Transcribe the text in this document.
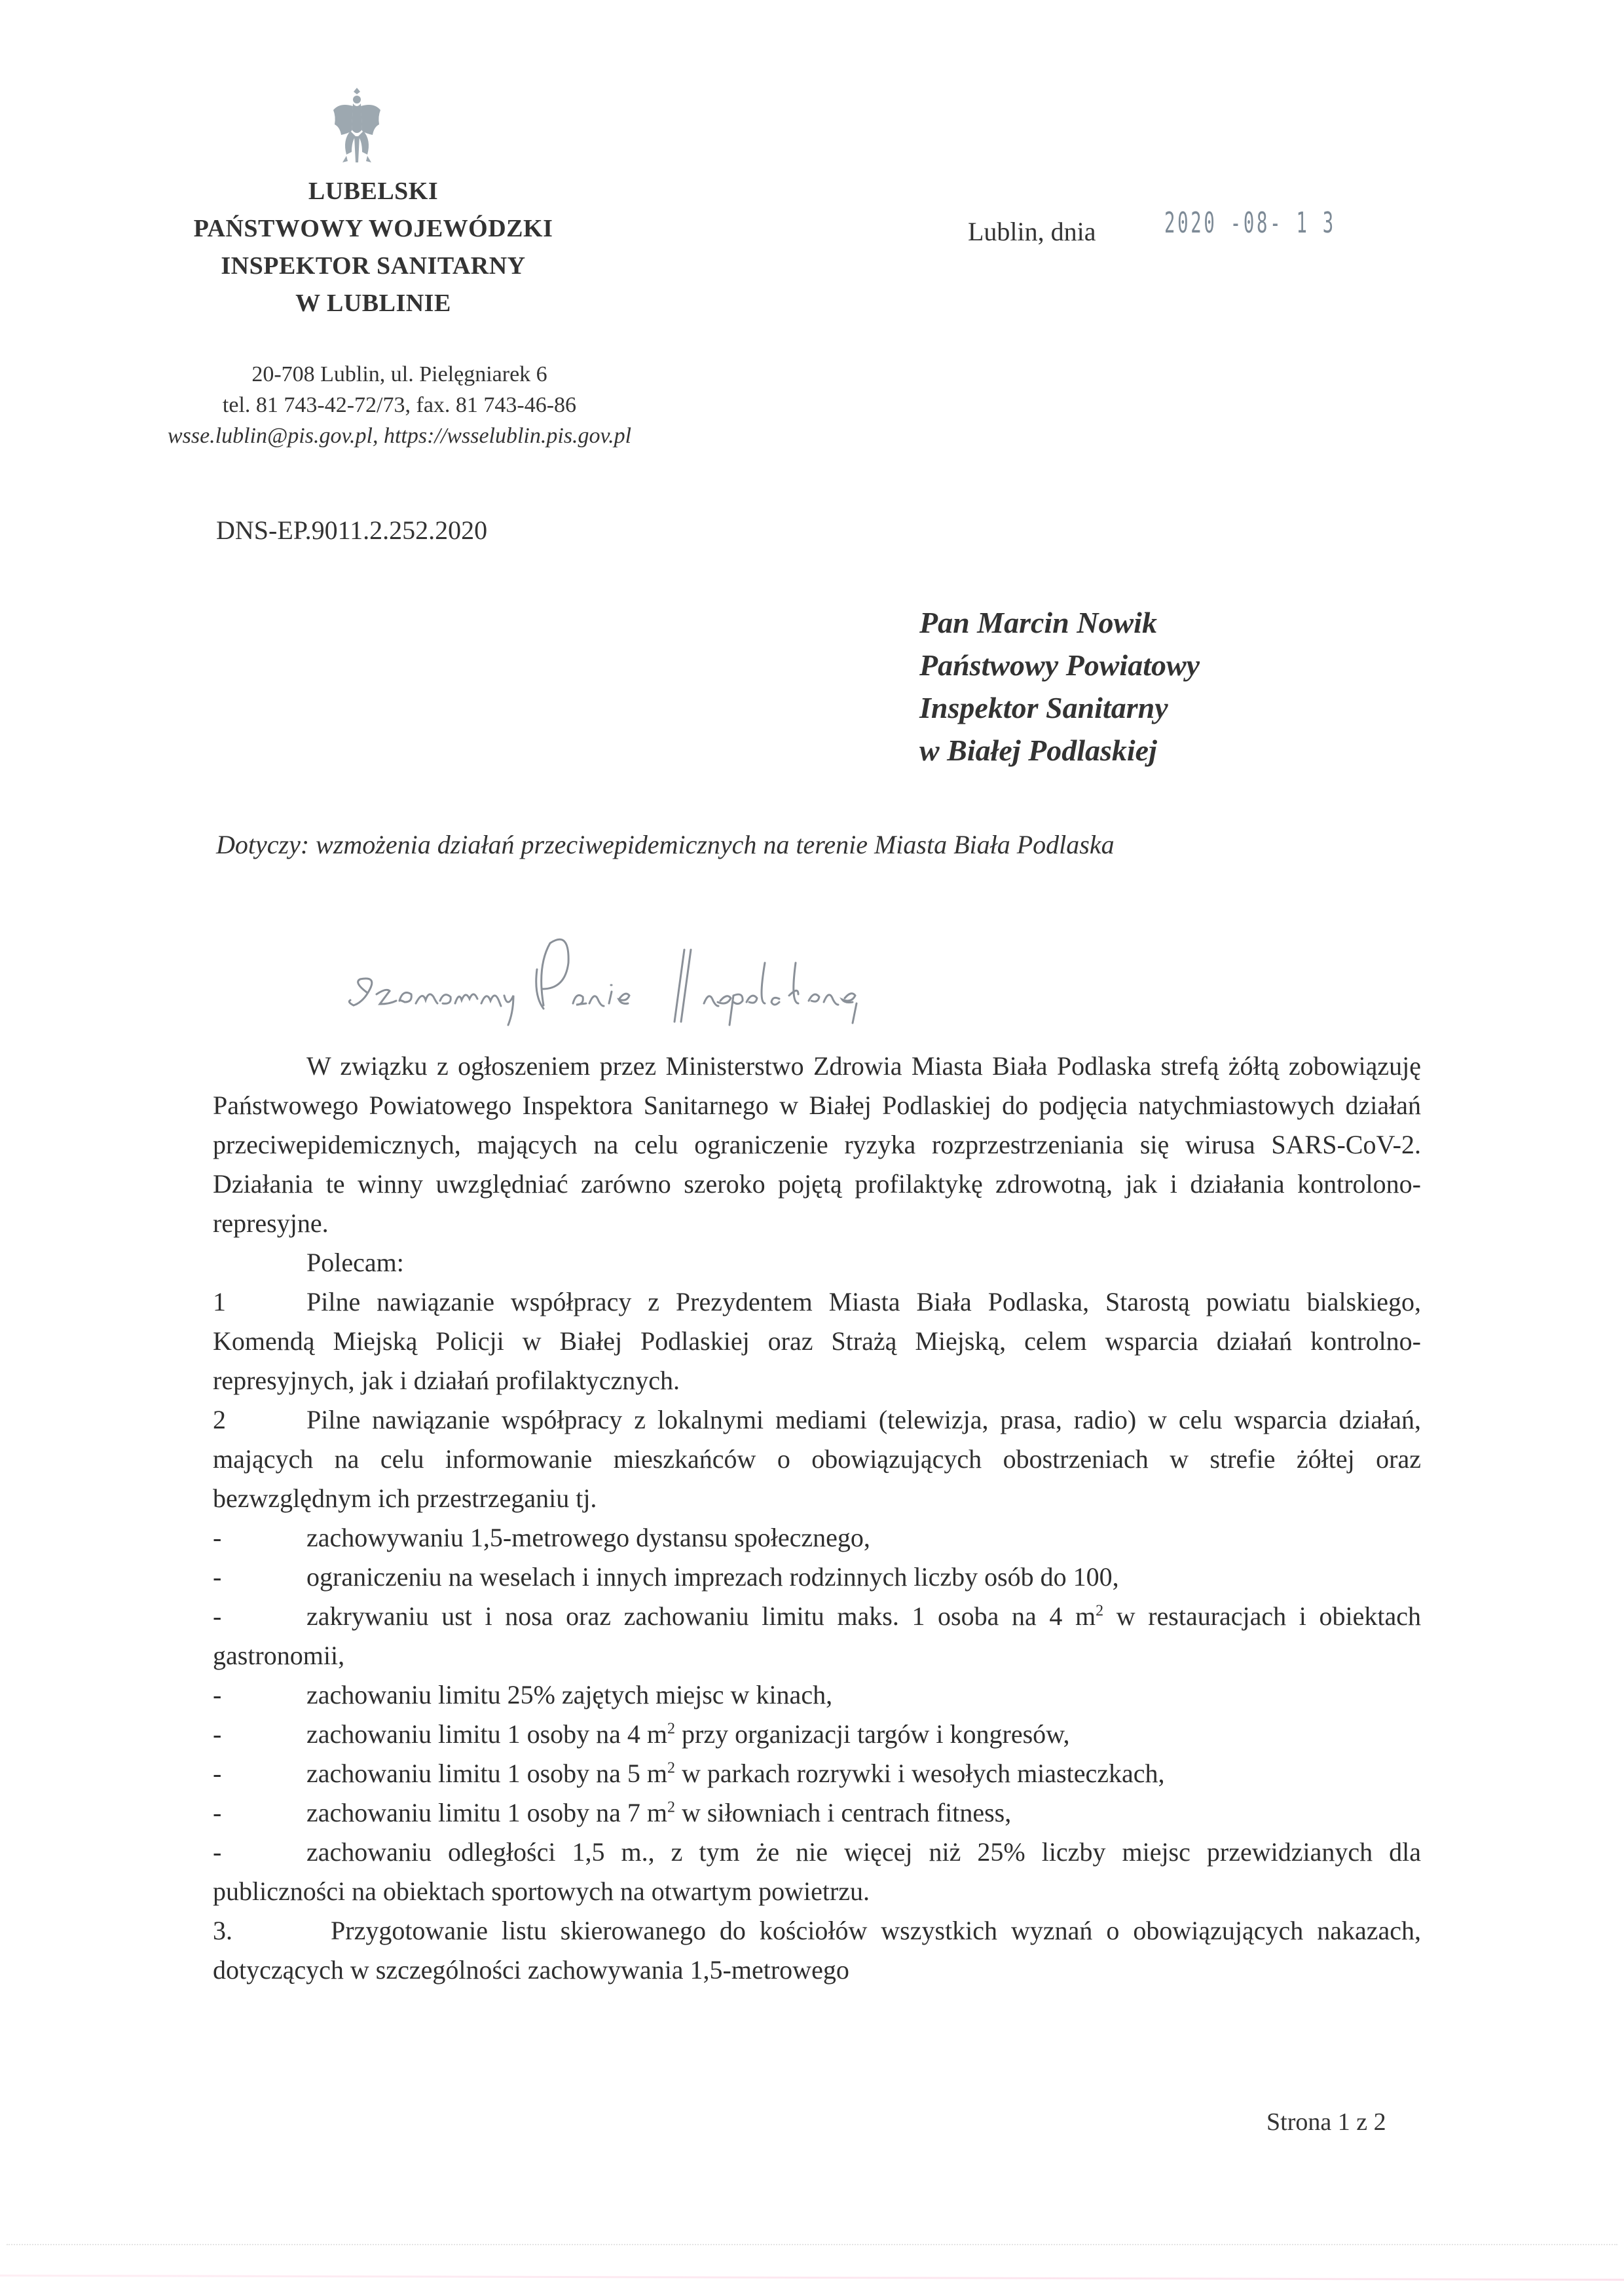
LUBELSKI
PAŃSTWOWY WOJEWÓDZKI
INSPEKTOR SANITARNY
W LUBLINIE
20-708 Lublin, ul. Pielęgniarek 6
tel. 81 743-42-72/73, fax. 81 743-46-86
wsse.lublin@pis.gov.pl, https://wsselublin.pis.gov.pl
DNS-EP.9011.2.252.2020
Lublin, dnia 2020 -08- 1 3
Pan Marcin Nowik
Państwowy Powiatowy
Inspektor Sanitarny
w Białej Podlaskiej
Dotyczy: wzmożenia działań przeciwepidemicznych na terenie Miasta Biała Podlaska

W związku z ogłoszeniem przez Ministerstwo Zdrowia Miasta Biała Podlaska strefą żółtą zobowiązuję Państwowego Powiatowego Inspektora Sanitarnego w Białej Podlaskiej do podjęcia natychmiastowych działań przeciwepidemicznych, mających na celu ograniczenie ryzyka rozprzestrzeniania się wirusa SARS-CoV-2. Działania te winny uwzględniać zarówno szeroko pojętą profilaktykę zdrowotną, jak i działania kontrolono-represyjne.

Polecam:

1	Pilne nawiązanie współpracy z Prezydentem Miasta Biała Podlaska, Starostą powiatu bialskiego, Komendą Miejską Policji w Białej Podlaskiej oraz Strażą Miejską, celem wsparcia działań kontrolno-represyjnych, jak i działań profilaktycznych.

2	Pilne nawiązanie współpracy z lokalnymi mediami (telewizja, prasa, radio) w celu wsparcia działań, mających na celu informowanie mieszkańców o obowiązujących obostrzeniach w strefie żółtej oraz bezwzględnym ich przestrzeganiu tj.

-	zachowywaniu 1,5-metrowego dystansu społecznego,

-	ograniczeniu na weselach i innych imprezach rodzinnych liczby osób do 100,

-	zakrywaniu ust i nosa oraz zachowaniu limitu maks. 1 osoba na 4 $m^2$ w restauracjach i obiektach gastronomii,

-	zachowaniu limitu 25% zajętych miejsc w kinach,

-	zachowaniu limitu 1 osoby na 4 $m^2$ przy organizacji targów i kongresów,

-	zachowaniu limitu 1 osoby na 5 $m^2$ w parkach rozrywki i wesołych miasteczkach,

-	zachowaniu limitu 1 osoby na 7 $m^2$ w siłowniach i centrach fitness,

-	zachowaniu odległości 1,5 m., z tym że nie więcej niż 25% liczby miejsc przewidzianych dla publiczności na obiektach sportowych na otwartym powietrzu.

3.	Przygotowanie listu skierowanego do kościołów wszystkich wyznań o obowiązujących nakazach, dotyczących w szczególności zachowywania 1,5-metrowego

Strona 1 z 2
